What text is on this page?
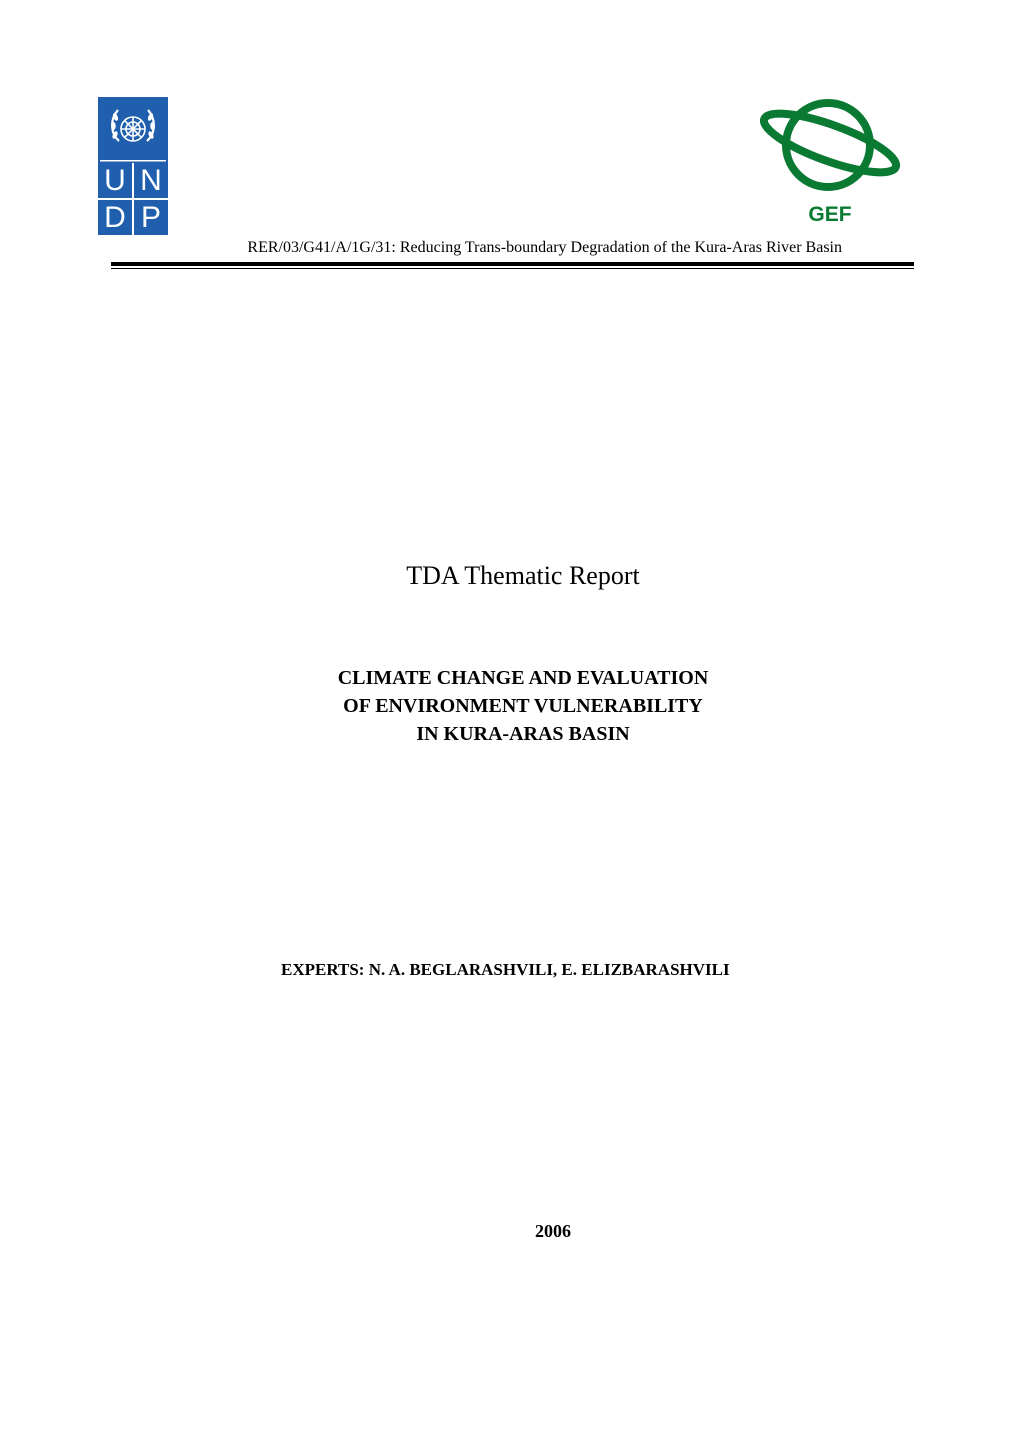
U N
D P	GEF
RER/03/G41/A/1G/31: Reducing Trans-boundary Degradation of the Kura-Aras River Basin
TDA Thematic Report
CLIMATE CHANGE AND EVALUATION
OF ENVIRONMENT VULNERABILITY
IN KURA-ARAS BASIN
EXPERTS: N. A. BEGLARASHVILI, E. ELIZBARASHVILI
2006
